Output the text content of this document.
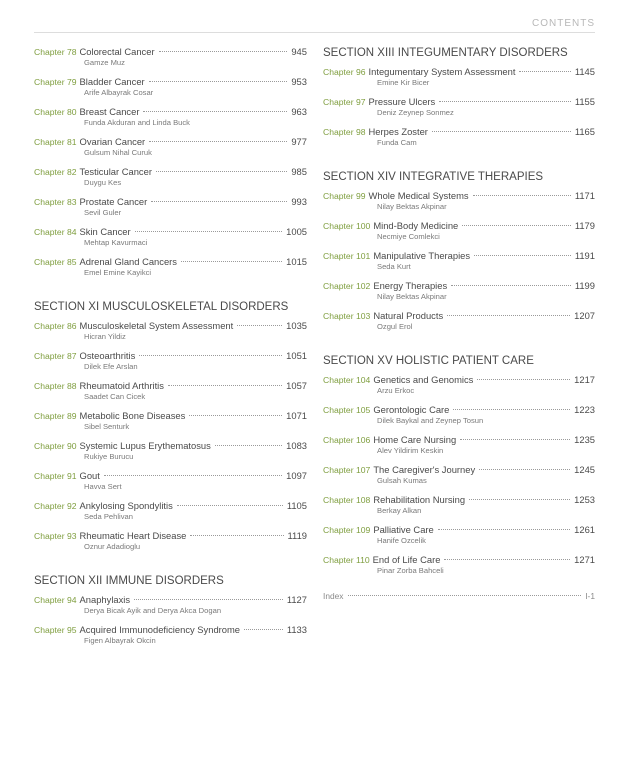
CONTENTS
Chapter 78 Colorectal Cancer	945
Gamze Muz
Chapter 79 Bladder Cancer	953
Arife Albayrak Cosar
Chapter 80 Breast Cancer	963
Funda Akduran and Linda Buck
Chapter 81 Ovarian Cancer	977
Gulsum Nihal Curuk
Chapter 82 Testicular Cancer	985
Duygu Kes
Chapter 83 Prostate Cancer	993
Sevil Guler
Chapter 84 Skin Cancer	1005
Mehtap Kavurmaci
Chapter 85 Adrenal Gland Cancers	1015
Emel Emine Kayikci
SECTION XI MUSCULOSKELETAL DISORDERS
Chapter 86 Musculoskeletal System Assessment	1035
Hicran Yildiz
Chapter 87 Osteoarthritis	1051
Dilek Efe Arslan
Chapter 88 Rheumatoid Arthritis	1057
Saadet Can Cicek
Chapter 89 Metabolic Bone Diseases	1071
Sibel Senturk
Chapter 90 Systemic Lupus Erythematosus	1083
Rukiye Burucu
Chapter 91 Gout	1097
Havva Sert
Chapter 92 Ankylosing Spondylitis	1105
Seda Pehlivan
Chapter 93 Rheumatic Heart Disease	1119
Oznur Adadioglu
SECTION XII IMMUNE DISORDERS
Chapter 94 Anaphylaxis	1127
Derya Bicak Ayik and Derya Akca Dogan
Chapter 95 Acquired Immunodeficiency Syndrome	1133
Figen Albayrak Okcin
SECTION XIII INTEGUMENTARY DISORDERS
Chapter 96 Integumentary System Assessment	1145
Emine Kir Bicer
Chapter 97 Pressure Ulcers	1155
Deniz Zeynep Sonmez
Chapter 98 Herpes Zoster	1165
Funda Cam
SECTION XIV INTEGRATIVE THERAPIES
Chapter 99 Whole Medical Systems	1171
Nilay Bektas Akpinar
Chapter 100 Mind-Body Medicine	1179
Necmiye Comlekci
Chapter 101 Manipulative Therapies	1191
Seda Kurt
Chapter 102 Energy Therapies	1199
Nilay Bektas Akpinar
Chapter 103 Natural Products	1207
Ozgul Erol
SECTION XV HOLISTIC PATIENT CARE
Chapter 104 Genetics and Genomics	1217
Arzu Erkoc
Chapter 105 Gerontologic Care	1223
Dilek Baykal and Zeynep Tosun
Chapter 106 Home Care Nursing	1235
Alev Yildirim Keskin
Chapter 107 The Caregiver's Journey	1245
Gulsah Kumas
Chapter 108 Rehabilitation Nursing	1253
Berkay Alkan
Chapter 109 Palliative Care	1261
Hanife Ozcelik
Chapter 110 End of Life Care	1271
Pinar Zorba Bahceli
Index	I-1
